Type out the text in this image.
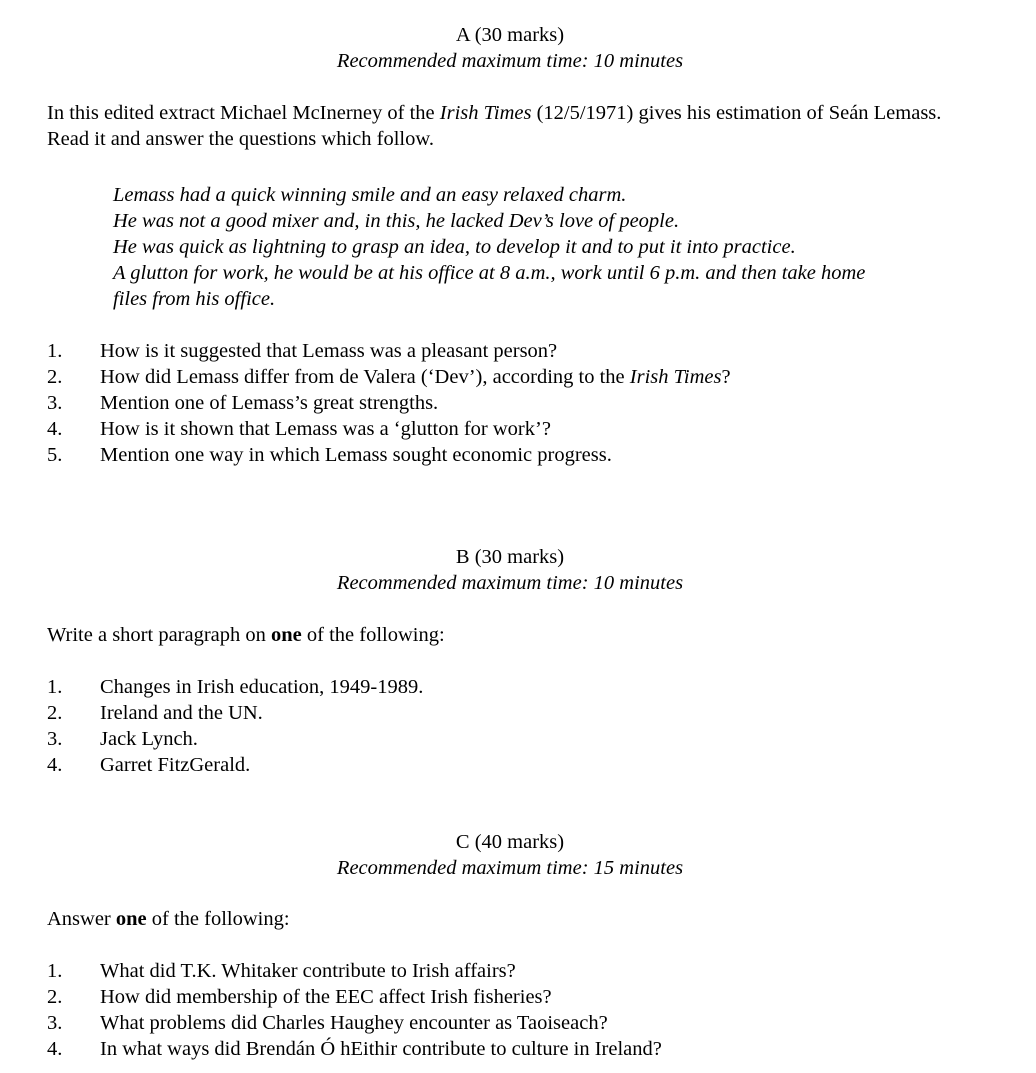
A (30 marks)
Recommended maximum time: 10 minutes
In this edited extract Michael McInerney of the Irish Times (12/5/1971) gives his estimation of Seán Lemass. Read it and answer the questions which follow.
Lemass had a quick winning smile and an easy relaxed charm.
He was not a good mixer and, in this, he lacked Dev’s love of people.
He was quick as lightning to grasp an idea, to develop it and to put it into practice.
A glutton for work, he would be at his office at 8 a.m., work until 6 p.m. and then take home
files from his office.
1. How is it suggested that Lemass was a pleasant person?
2. How did Lemass differ from de Valera (‘Dev’), according to the Irish Times?
3. Mention one of Lemass’s great strengths.
4. How is it shown that Lemass was a ‘glutton for work’?
5. Mention one way in which Lemass sought economic progress.
B (30 marks)
Recommended maximum time: 10 minutes
Write a short paragraph on one of the following:
1. Changes in Irish education, 1949-1989.
2. Ireland and the UN.
3. Jack Lynch.
4. Garret FitzGerald.
C (40 marks)
Recommended maximum time: 15 minutes
Answer one of the following:
1. What did T.K. Whitaker contribute to Irish affairs?
2. How did membership of the EEC affect Irish fisheries?
3. What problems did Charles Haughey encounter as Taoiseach?
4. In what ways did Brendán Ó hEithir contribute to culture in Ireland?
